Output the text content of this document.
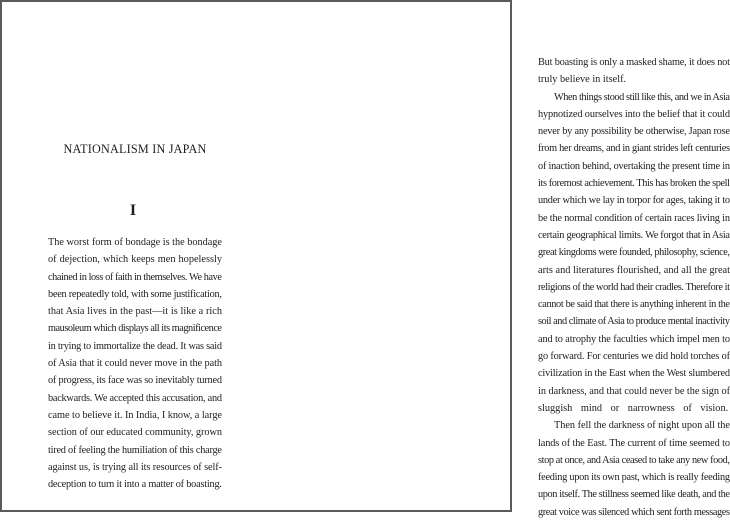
NATIONALISM IN JAPAN
I
The worst form of bondage is the bondage
of dejection, which keeps men hopelessly
chained in loss of faith in themselves. We have
been repeatedly told, with some justification,
that Asia lives in the past—it is like a rich
mausoleum which displays all its magnificence
in trying to immortalize the dead. It was said
of Asia that it could never move in the path
of progress, its face was so inevitably turned
backwards. We accepted this accusation, and
came to believe it. In India, I know, a large
section of our educated community, grown
tired of feeling the humiliation of this charge
against us, is trying all its resources of self-
deception to turn it into a matter of boasting.
But boasting is only a masked shame, it does not
truly believe in itself.
When things stood still like this, and we in Asia
hypnotized ourselves into the belief that it could
never by any possibility be otherwise, Japan rose
from her dreams, and in giant strides left centuries
of inaction behind, overtaking the present time in
its foremost achievement. This has broken the spell
under which we lay in torpor for ages, taking it to
be the normal condition of certain races living in
certain geographical limits. We forgot that in Asia
great kingdoms were founded, philosophy, science,
arts and literatures flourished, and all the great
religions of the world had their cradles. Therefore it
cannot be said that there is anything inherent in the
soil and climate of Asia to produce mental inactivity
and to atrophy the faculties which impel men to
go forward. For centuries we did hold torches of
civilization in the East when the West slumbered
in darkness, and that could never be the sign of
sluggish mind or narrowness of vision.
Then fell the darkness of night upon all the
lands of the East. The current of time seemed to
stop at once, and Asia ceased to take any new food,
feeding upon its own past, which is really feeding
upon itself. The stillness seemed like death, and the
great voice was silenced which sent forth messages
